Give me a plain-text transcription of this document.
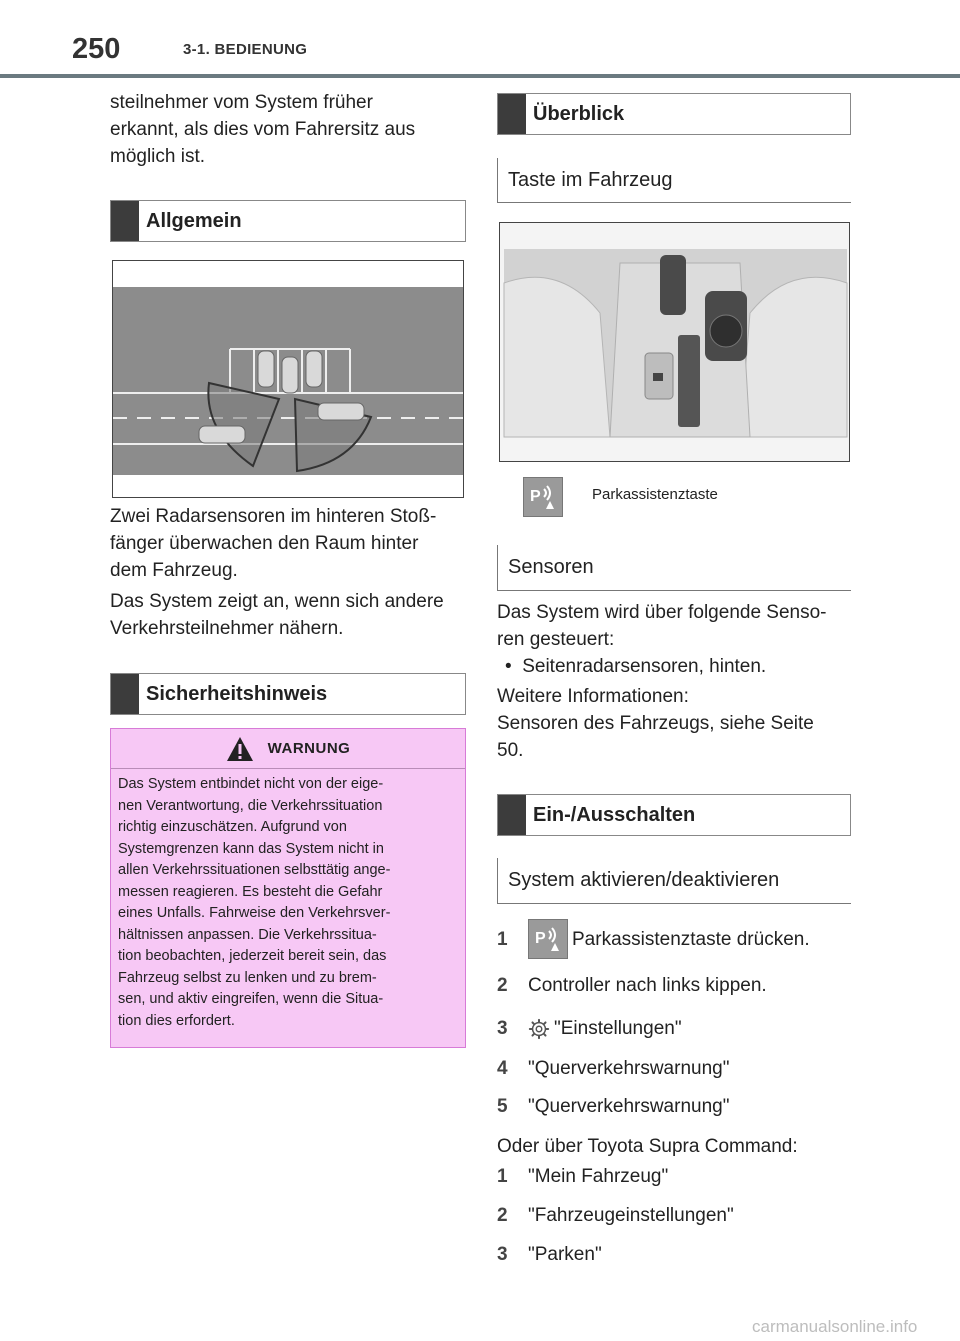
250	3-1. BEDIENUNG
steilnehmer vom System früher
erkannt, als dies vom Fahrersitz aus
möglich ist.
Allgemein
Zwei Radarsensoren im hinteren Stoß-
fänger überwachen den Raum hinter
dem Fahrzeug.
Das System zeigt an, wenn sich andere
Verkehrsteilnehmer nähern.
Sicherheitshinweis
WARNUNG
Das System entbindet nicht von der eige-
nen Verantwortung, die Verkehrssituation
richtig einzuschätzen. Aufgrund von
Systemgrenzen kann das System nicht in
allen Verkehrssituationen selbsttätig ange-
messen reagieren. Es besteht die Gefahr
eines Unfalls. Fahrweise den Verkehrsver-
hältnissen anpassen. Die Verkehrssitua-
tion beobachten, jederzeit bereit sein, das
Fahrzeug selbst zu lenken und zu brem-
sen, und aktiv eingreifen, wenn die Situa-
tion dies erfordert.
Überblick
Taste im Fahrzeug
P	Parkassistenztaste
Sensoren
Das System wird über folgende Senso-
ren gesteuert:
•  Seitenradarsensoren, hinten.
Weitere Informationen:
Sensoren des Fahrzeugs, siehe Seite
50.
Ein-/Ausschalten
System aktivieren/deaktivieren
1	P Parkassistenztaste drücken.
2	Controller nach links kippen.
3	"Einstellungen"
4	"Querverkehrswarnung"
5	"Querverkehrswarnung"
Oder über Toyota Supra Command:
1	"Mein Fahrzeug"
2	"Fahrzeugeinstellungen"
3	"Parken"
carmanualsonline.info
